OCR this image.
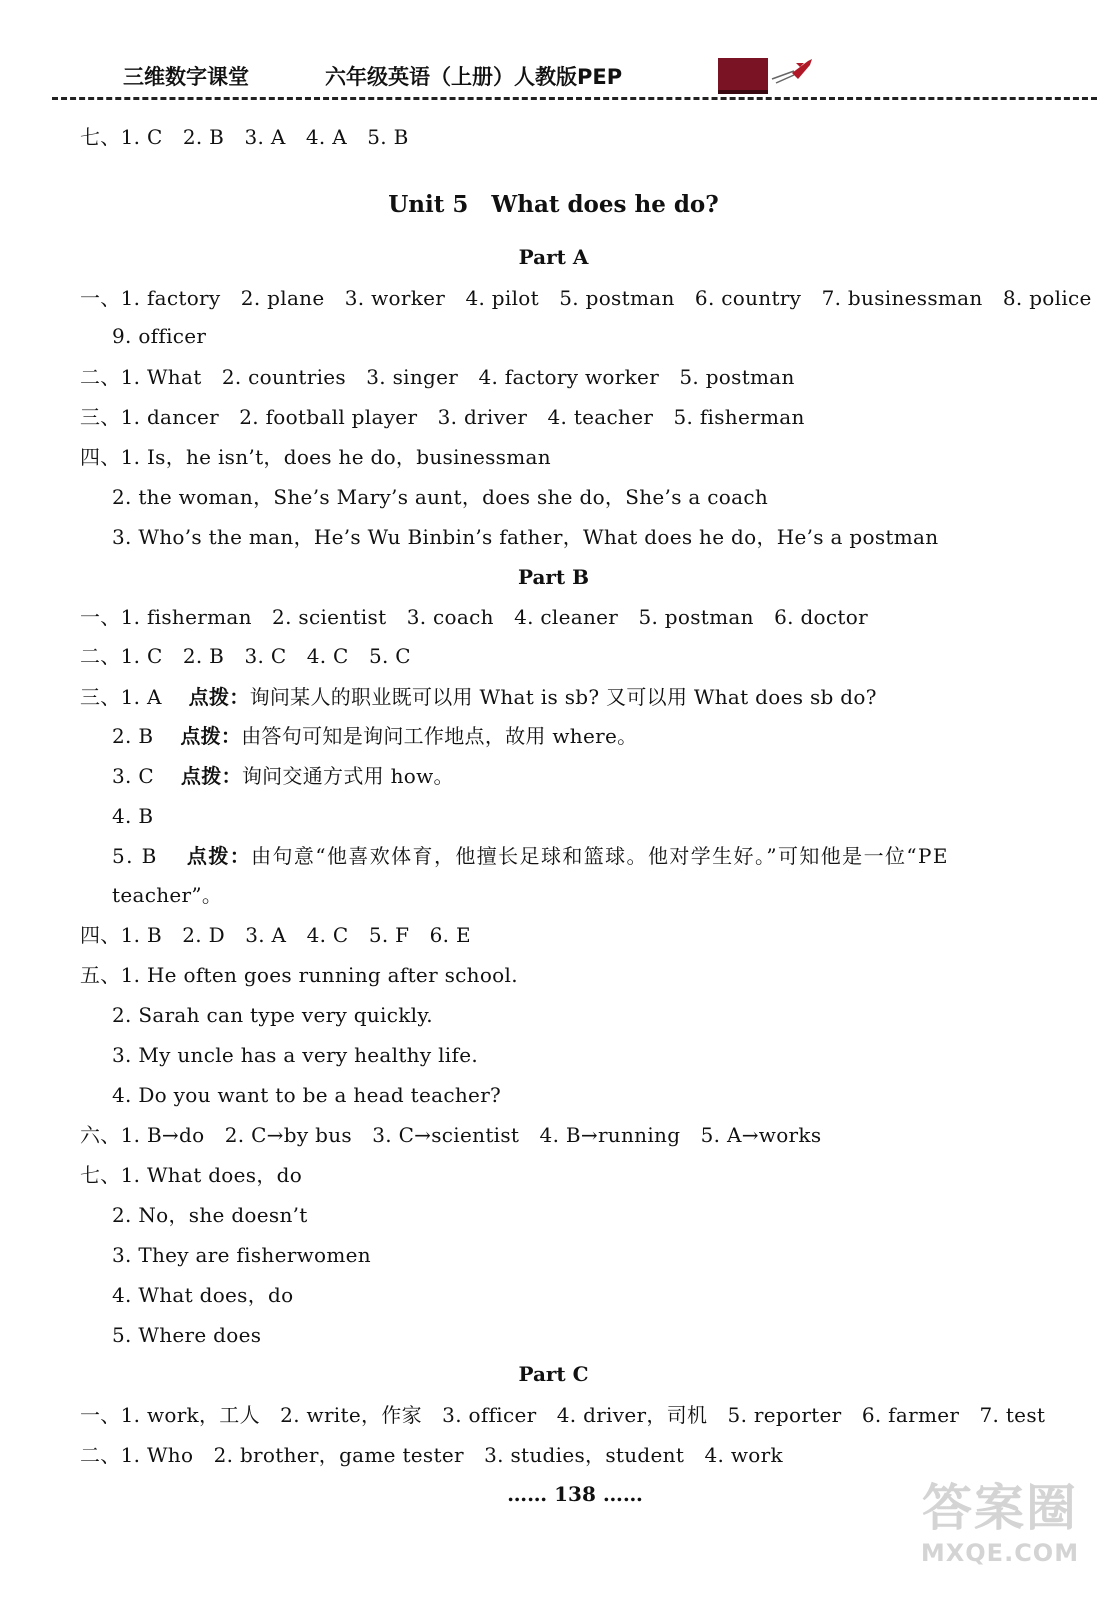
三维数字课堂	六年级英语（上册）人教版PEP
七、1. C　2. B　3. A　4. A　5. B
Unit 5　What does he do?
Part A
一、1. factory　2. plane　3. worker　4. pilot　5. postman　6. country　7. businessman　8. police
9. officer
二、1. What　2. countries　3. singer　4. factory worker　5. postman
三、1. dancer　2. football player　3. driver　4. teacher　5. fisherman
四、1. Is，he isn’t，does he do，businessman
2. the woman，She’s Mary’s aunt，does she do，She’s a coach
3. Who’s the man，He’s Wu Binbin’s father，What does he do，He’s a postman
Part B
一、1. fisherman　2. scientist　3. coach　4. cleaner　5. postman　6. doctor
二、1. C　2. B　3. C　4. C　5. C
三、1. A　 点拨：询问某人的职业既可以用 What is sb? 又可以用 What does sb do?
2. B　 点拨：由答句可知是询问工作地点，故用 where。
3. C　 点拨：询问交通方式用 how。
4. B
5. B　 点拨：由句意“他喜欢体育，他擅长足球和篮球。他对学生好。”可知他是一位“PE
teacher”。
四、1. B　2. D　3. A　4. C　5. F　6. E
五、1. He often goes running after school.
2. Sarah can type very quickly.
3. My uncle has a very healthy life.
4. Do you want to be a head teacher?
六、1. B→do　2. C→by bus　3. C→scientist　4. B→running　5. A→works
七、1. What does，do
2. No，she doesn’t
3. They are fisherwomen
4. What does，do
5. Where does
Part C
一、1. work，工人　2. write，作家　3. officer　4. driver，司机　5. reporter　6. farmer　7. test
二、1. Who　2. brother，game tester　3. studies，student　4. work
…… 138 ……	答案圈
MXQE.COM
